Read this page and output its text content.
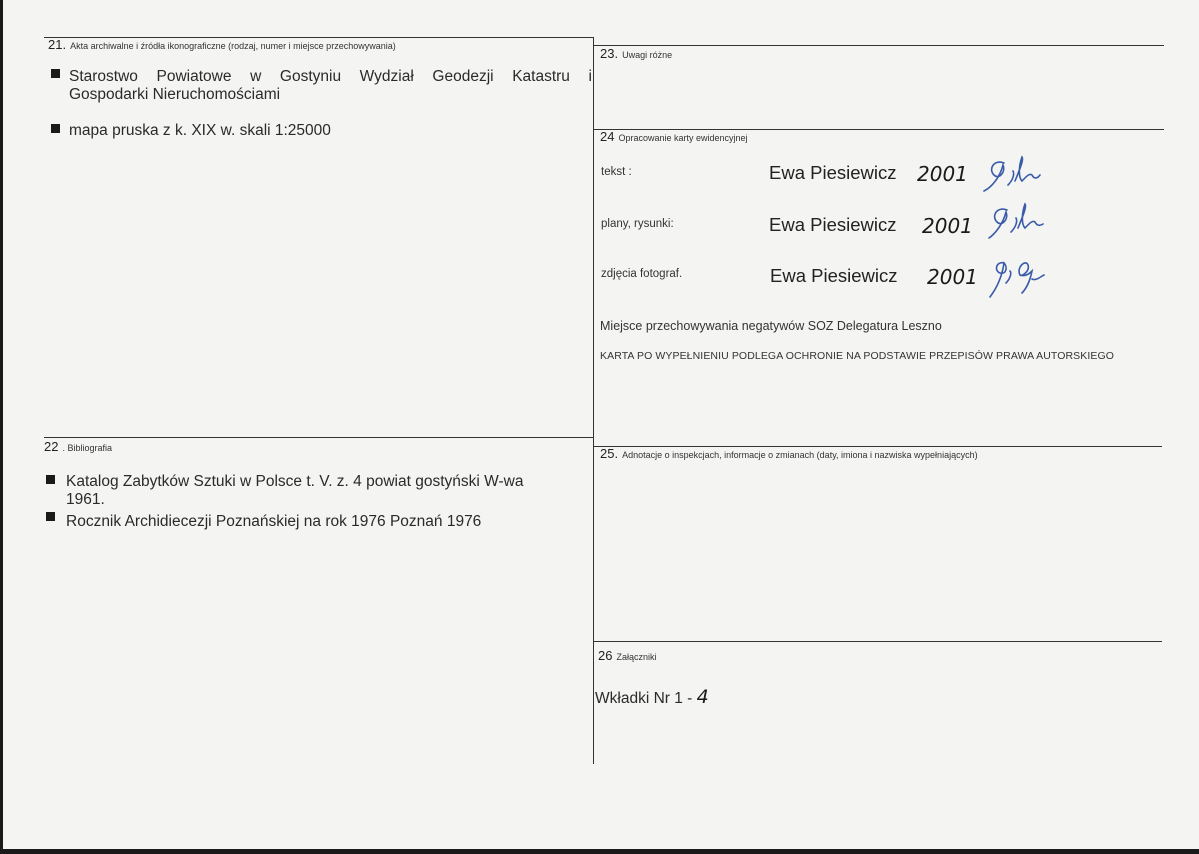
21. Akta archiwalne i źródła ikonograficzne (rodzaj, numer i miejsce przechowywania)
Starostwo Powiatowe w Gostyniu Wydział Geodezji Katastru i
Gospodarki Nieruchomościami
mapa pruska z k. XIX w. skali 1:25000
22 . Bibliografia
Katalog Zabytków Sztuki w Polsce t. V. z. 4 powiat gostyński W-wa
1961.
Rocznik Archidiecezji Poznańskiej na rok 1976 Poznań 1976
23. Uwagi różne
24 Opracowanie karty ewidencyjnej
tekst :	Ewa Piesiewicz 2001
plany, rysunki:	Ewa Piesiewicz 2001
zdjęcia fotograf.	Ewa Piesiewicz 2001
Miejsce przechowywania negatywów SOZ Delegatura Leszno
KARTA PO WYPEŁNIENIU PODLEGA OCHRONIE NA PODSTAWIE PRZEPISÓW PRAWA AUTORSKIEGO
25. Adnotacje o inspekcjach, informacje o zmianach (daty, imiona i nazwiska wypełniających)
26 Załączniki
Wkładki Nr 1 - 4
